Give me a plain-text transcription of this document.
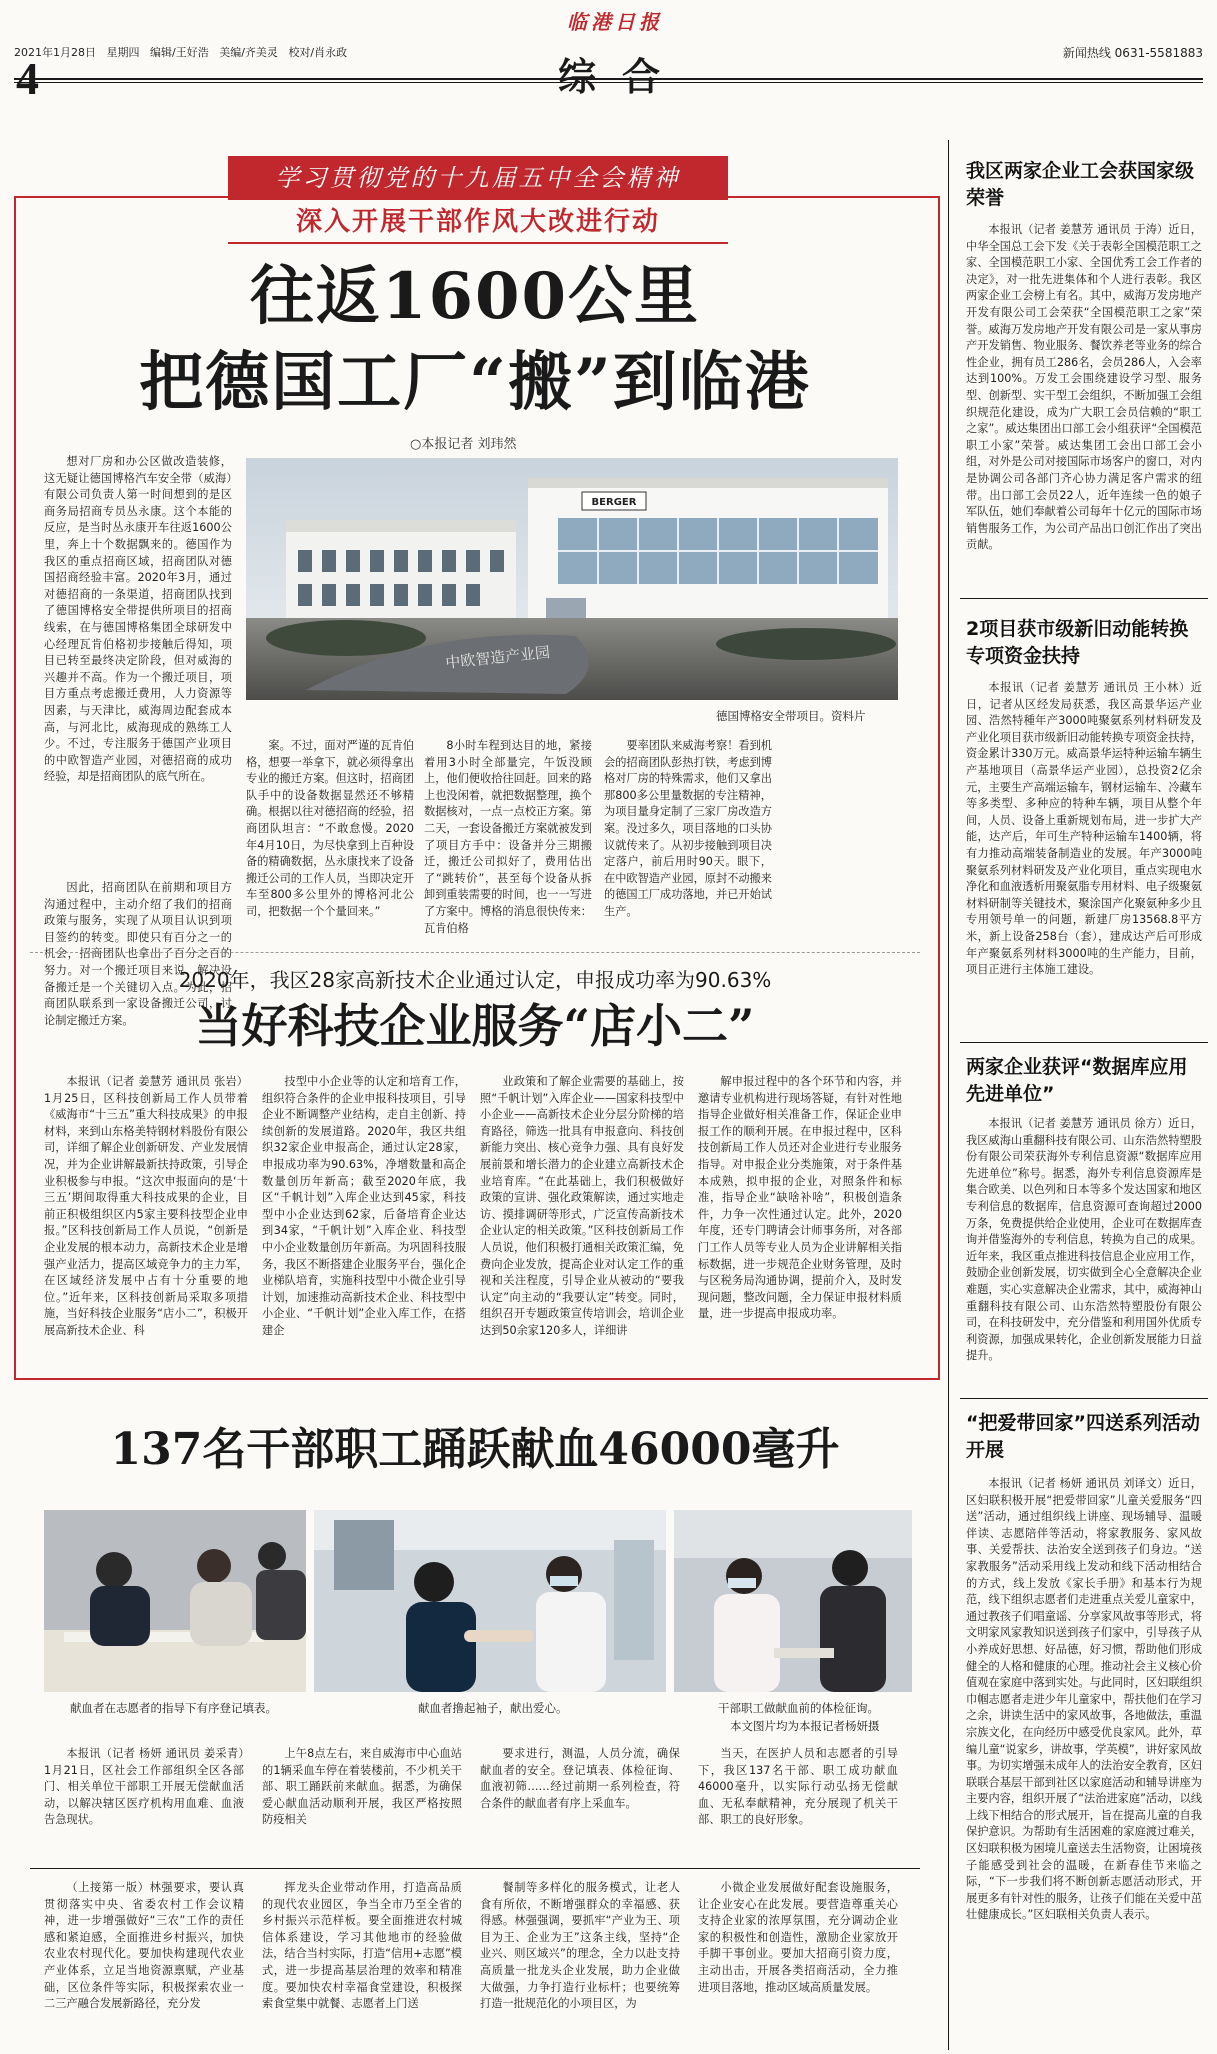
2021年1月28日 星期四 编辑/王好浩 美编/齐美灵 校对/肖永政
临港日报
4	综合
新闻热线 0631-5581883
学习贯彻党的十九届五中全会精神
深入开展干部作风大改进行动
往返1600公里
把德国工厂“搬”到临港
○本报记者 刘玮然
想对厂房和办公区做改造装修，这无疑让德国博格汽车安全带（威海）有限公司负责人第一时间想到的是区商务局招商专员丛永康。这个本能的反应，是当时丛永康开车往返1600公里，奔上十个数据飘来的。德国作为我区的重点招商区域，招商团队对德国招商经验丰富。2020年3月，通过对德招商的一条渠道，招商团队找到了德国博格安全带提供所项目的招商线索，在与德国博格集团全球研发中心经理瓦肯伯格初步接触后得知，项目已转至最终决定阶段，但对威海的兴趣并不高。作为一个搬迁项目，项目方重点考虑搬迁费用，人力资源等因素，与天津比，威海周边配套成本高，与河北比，威海现成的熟练工人少。不过，专注服务于德国产业项目的中欧智造产业园，对德招商的成功经验，却是招商团队的底气所在。
因此，招商团队在前期和项目方沟通过程中，主动介绍了我们的招商政策与服务，实现了从项目认识到项目签约的转变。即使只有百分之一的机会，招商团队也拿出了百分之百的努力。对一个搬迁项目来说，解决设备搬迁是一个关键切入点。为此，招商团队联系到一家设备搬迁公司，讨论制定搬迁方案。
BERGER
中欧智造产业园
德国博格安全带项目。资料片
案。不过，面对严谨的瓦肯伯格，想要一举拿下，就必须得拿出专业的搬迁方案。但这时，招商团队手中的设备数据显然还不够精确。根据以往对德招商的经验，招商团队坦言：“不敢怠慢。2020年4月10日，为尽快拿到上百种设备的精确数据，丛永康找来了设备搬迁公司的工作人员，当即决定开车至800多公里外的博格河北公司，把数据一个个量回来。”
8小时车程到达目的地，紧接着用3小时全部量完，午饭没顾上，他们便收拾往回赶。回来的路上也没闲着，就把数据整理，换个数据核对，一点一点校正方案。第二天，一套设备搬迁方案就被发到了项目方手中：设备并分三期搬迁，搬迁公司拟好了，费用估出了“跳转价”，甚至每个设备从拆卸到重装需要的时间，也一一写进了方案中。博格的消息很快传来：瓦肯伯格
要率团队来威海考察！看到机会的招商团队彭热打铁，考虑到博格对厂房的特殊需求，他们又拿出那800多公里量数据的专注精神，为项目量身定制了三家厂房改造方案。没过多久，项目落地的口头协议就传来了。从初步接触到项目决定落户，前后用时90天。眼下，在中欧智造产业园，原封不动搬来的德国工厂成功落地，并已开始试生产。
2020年，我区28家高新技术企业通过认定，申报成功率为90.63%
当好科技企业服务“店小二”
本报讯（记者 姜慧芳 通讯员 张岩）1月25日，区科技创新局工作人员带着《威海市“十三五”重大科技成果》的申报材料，来到山东格美特钢材料股份有限公司，详细了解企业创新研发、产业发展情况，并为企业讲解最新扶持政策，引导企业积极参与申报。“这次申报面向的是‘十三五’期间取得重大科技成果的企业，目前正积极组织区内5家主要科技型企业申报。”区科技创新局工作人员说，“创新是企业发展的根本动力，高新技术企业是增强产业活力，提高区域竞争力的主力军，在区域经济发展中占有十分重要的地位。”近年来，区科技创新局采取多项措施，当好科技企业服务“店小二”，积极开展高新技术企业、科
技型中小企业等的认定和培育工作，组织符合条件的企业申报科技项目，引导企业不断调整产业结构，走自主创新、持续创新的发展道路。2020年，我区共组织32家企业申报高企，通过认定28家，申报成功率为90.63%，净增数量和高企数量创历年新高；截至2020年底，我区“千帆计划”入库企业达到45家，科技型中小企业达到62家，后备培育企业达到34家，“千帆计划”入库企业、科技型中小企业数量创历年新高。为巩固科技服务，我区不断搭建企业服务平台，强化企业梯队培育，实施科技型中小微企业引导计划，加速推动高新技术企业、科技型中小企业、“千帆计划”企业入库工作，在搭建企
业政策和了解企业需要的基础上，按照“千帆计划”入库企业——国家科技型中小企业——高新技术企业分层分阶梯的培育路径，筛选一批具有申报意向、科技创新能力突出、核心竞争力强、具有良好发展前景和增长潜力的企业建立高新技术企业培育库。“在此基础上，我们积极做好政策的宣讲、强化政策解读，通过实地走访、摸排调研等形式，广泛宣传高新技术企业认定的相关政策。”区科技创新局工作人员说，他们积极打通相关政策汇编，免费向企业发放，提高企业对认定工作的重视和关注程度，引导企业从被动的“要我认定”向主动的“我要认定”转变。同时，组织召开专题政策宣传培训会，培训企业达到50余家120多人，详细讲
解申报过程中的各个环节和内容，并邀请专业机构进行现场答疑，有针对性地指导企业做好相关准备工作，保证企业申报工作的顺利开展。在申报过程中，区科技创新局工作人员还对企业进行专业服务指导。对申报企业分类施策，对于条件基本成熟，拟申报的企业，对照条件和标准，指导企业“缺啥补啥”，积极创造条件，力争一次性通过认定。此外，2020年度，还专门聘请会计师事务所，对各部门工作人员等专业人员为企业讲解相关指标数据，进一步规范企业财务管理，及时与区税务局沟通协调，提前介入，及时发现问题，整改问题，全力保证申报材料质量，进一步提高申报成功率。
137名干部职工踊跃献血46000毫升
献血者在志愿者的指导下有序登记填表。	献血者撸起袖子，献出爱心。	干部职工做献血前的体检征询。
本文图片均为本报记者杨妍摄
本报讯（记者 杨妍 通讯员 姜采青）1月21日，区社会工作部组织全区各部门、相关单位干部职工开展无偿献血活动，以解决辖区医疗机构用血难、血液告急现状。
上午8点左右，来自威海市中心血站的1辆采血车停在着装楼前，不少机关干部、职工踊跃前来献血。据悉，为确保爱心献血活动顺利开展，我区严格按照防疫相关
要求进行，测温，人员分流，确保献血者的安全。登记填表、体检征询、血液初筛……经过前期一系列检查，符合条件的献血者有序上采血车。
当天，在医护人员和志愿者的引导下，我区137名干部、职工成功献血46000毫升，以实际行动弘扬无偿献血、无私奉献精神，充分展现了机关干部、职工的良好形象。
（上接第一版）林强要求，要认真贯彻落实中央、省委农村工作会议精神，进一步增强做好“三农”工作的责任感和紧迫感，全面推进乡村振兴，加快农业农村现代化。要加快构建现代农业产业体系，立足当地资源禀赋，产业基础，区位条件等实际，积极探索农业一二三产融合发展新路径，充分发
挥龙头企业带动作用，打造高品质的现代农业园区，争当全市乃至全省的乡村振兴示范样板。要全面推进农村城信体系建设，学习其他地市的经验做法，结合当村实际，打造“信用+志愿”模式，进一步提高基层治理的效率和精准度。要加快农村幸福食堂建设，积极探索食堂集中就餐、志愿者上门送
餐制等多样化的服务模式，让老人食有所依，不断增强群众的幸福感、获得感。林强强调，要抓牢“产业为王、项目为王、企业为王”这条主线，坚持“企业兴、则区域兴”的理念，全力以赴支持高质量一批龙头企业发展，助力企业做大做强，力争打造行业标杆；也要统筹打造一批规范化的小项目区，为
小微企业发展做好配套设施服务，让企业安心在此发展。要营造尊重关心支持企业家的浓厚氛围，充分调动企业家的积极性和创造性，激励企业家放开手脚干事创业。要加大招商引资力度，主动出击，开展各类招商活动，全力推进项目落地，推动区域高质量发展。
我区两家企业工会获国家级荣誉
本报讯（记者 姜慧芳 通讯员 于涛）近日，中华全国总工会下发《关于表彰全国模范职工之家、全国模范职工小家、全国优秀工会工作者的决定》，对一批先进集体和个人进行表彰。我区两家企业工会榜上有名。其中，威海万发房地产开发有限公司工会荣获“全国模范职工之家”荣誉。威海万发房地产开发有限公司是一家从事房产开发销售、物业服务、餐饮养老等业务的综合性企业，拥有员工286名，会员286人，入会率达到100%。万发工会围绕建设学习型、服务型、创新型、实干型工会组织，不断加强工会组织规范化建设，成为广大职工会员信赖的“职工之家”。威达集团出口部工会小组获评“全国模范职工小家”荣誉。威达集团工会出口部工会小组，对外是公司对接国际市场客户的窗口，对内是协调公司各部门齐心协力满足客户需求的纽带。出口部工会员22人，近年连续一色的娘子军队伍，她们奉献着公司每年十亿元的国际市场销售服务工作，为公司产品出口创汇作出了突出贡献。
2项目获市级新旧动能转换专项资金扶持
本报讯（记者 姜慧芳 通讯员 王小林）近日，记者从区经发局获悉，我区高景华运产业园、浩然特種年产3000吨聚氨系列材料研发及产业化项目获市级新旧动能转换专项资金扶持，资金累计330万元。威高景华运特种运输车辆生产基地项目（高景华运产业园），总投资2亿余元，主要生产高端运输车，钢材运输车、冷藏车等多类型、多种应的特种车辆，项目从整个年间，人员、设备上重新规划布局，进一步扩大产能，达产后，年可生产特种运输车1400辆，将有力推动高端装备制造业的发展。年产3000吨聚氨系列材料研发及产业化项目，重点实现电水净化和血液透析用聚氨脂专用材料、电子级聚氨材料研制等关键技术，聚涂国产化聚氨种多少且专用领号单一的问题，新建厂房13568.8平方米，新上设备258台（套），建成达产后可形成年产聚氨系列材料3000吨的生产能力，目前，项目正进行主体施工建设。
两家企业获评“数据库应用先进单位”
本报讯（记者 姜慧芳 通讯员 徐方）近日，我区威海山重翻科技有限公司、山东浩然特塑股份有限公司荣获海外专利信息资源“数据库应用先进单位”称号。据悉，海外专利信息资源库是集合欧美、以色列和日本等多个发达国家和地区专利信息的数据库，信息资源可查询超过2000万条，免费提供给企业使用，企业可在数据库查询并借鉴海外的专利信息，转换为自己的成果。近年来，我区重点推进科技信息企业应用工作，鼓励企业创新发展，切实做到全心全意解决企业难题，实心实意解决企业需求，其中，威海神山重翻科技有限公司、山东浩然特塑股份有限公司，在科技研发中，充分借鉴和利用国外优质专利资源，加强成果转化，企业创新发展能力日益提升。
“把爱带回家”四送系列活动开展
本报讯（记者 杨妍 通讯员 刘译文）近日，区妇联积极开展“把爱带回家”儿童关爱服务“四送”活动，通过组织线上讲座、现场辅导、温暖伴读、志愿陪伴等活动，将家教服务、家风故事、关爱帮扶、法治安全送到孩子们身边。“送家教服务”活动采用线上发动和线下活动相结合的方式，线上发放《家长手册》和基本行为规范，线下组织志愿者们走进重点关爱儿童家中，通过教孩子们唱童谣、分享家风故事等形式，将文明家风家教知识送到孩子们家中，引导孩子从小养成好思想、好品德，好习惯，帮助他们形成健全的人格和健康的心理。推动社会主义核心价值观在家庭中落到实处。与此同时，区妇联组织巾帼志愿者走进少年儿童家中，帮扶他们在学习之余，讲读生活中的家风故事，各地做法，重温宗族文化，在向经历中感受优良家风。此外，草编儿童“说家乡，讲故事，学英模”，讲好家风故事。为切实增强未成年人的法治安全教育，区妇联联合基层干部到社区以家庭活动和辅导讲座为主要内容，组织开展了“法治进家庭”活动，以线上线下相结合的形式展开，旨在提高儿童的自我保护意识。为帮助有生活困难的家庭渡过难关，区妇联积极为困境儿童送去生活物资，让困境孩子能感受到社会的温暖，在新春佳节来临之际，“下一步我们将不断创新志愿活动形式，开展更多有针对性的服务，让孩子们能在关爱中茁壮健康成长。”区妇联相关负责人表示。
